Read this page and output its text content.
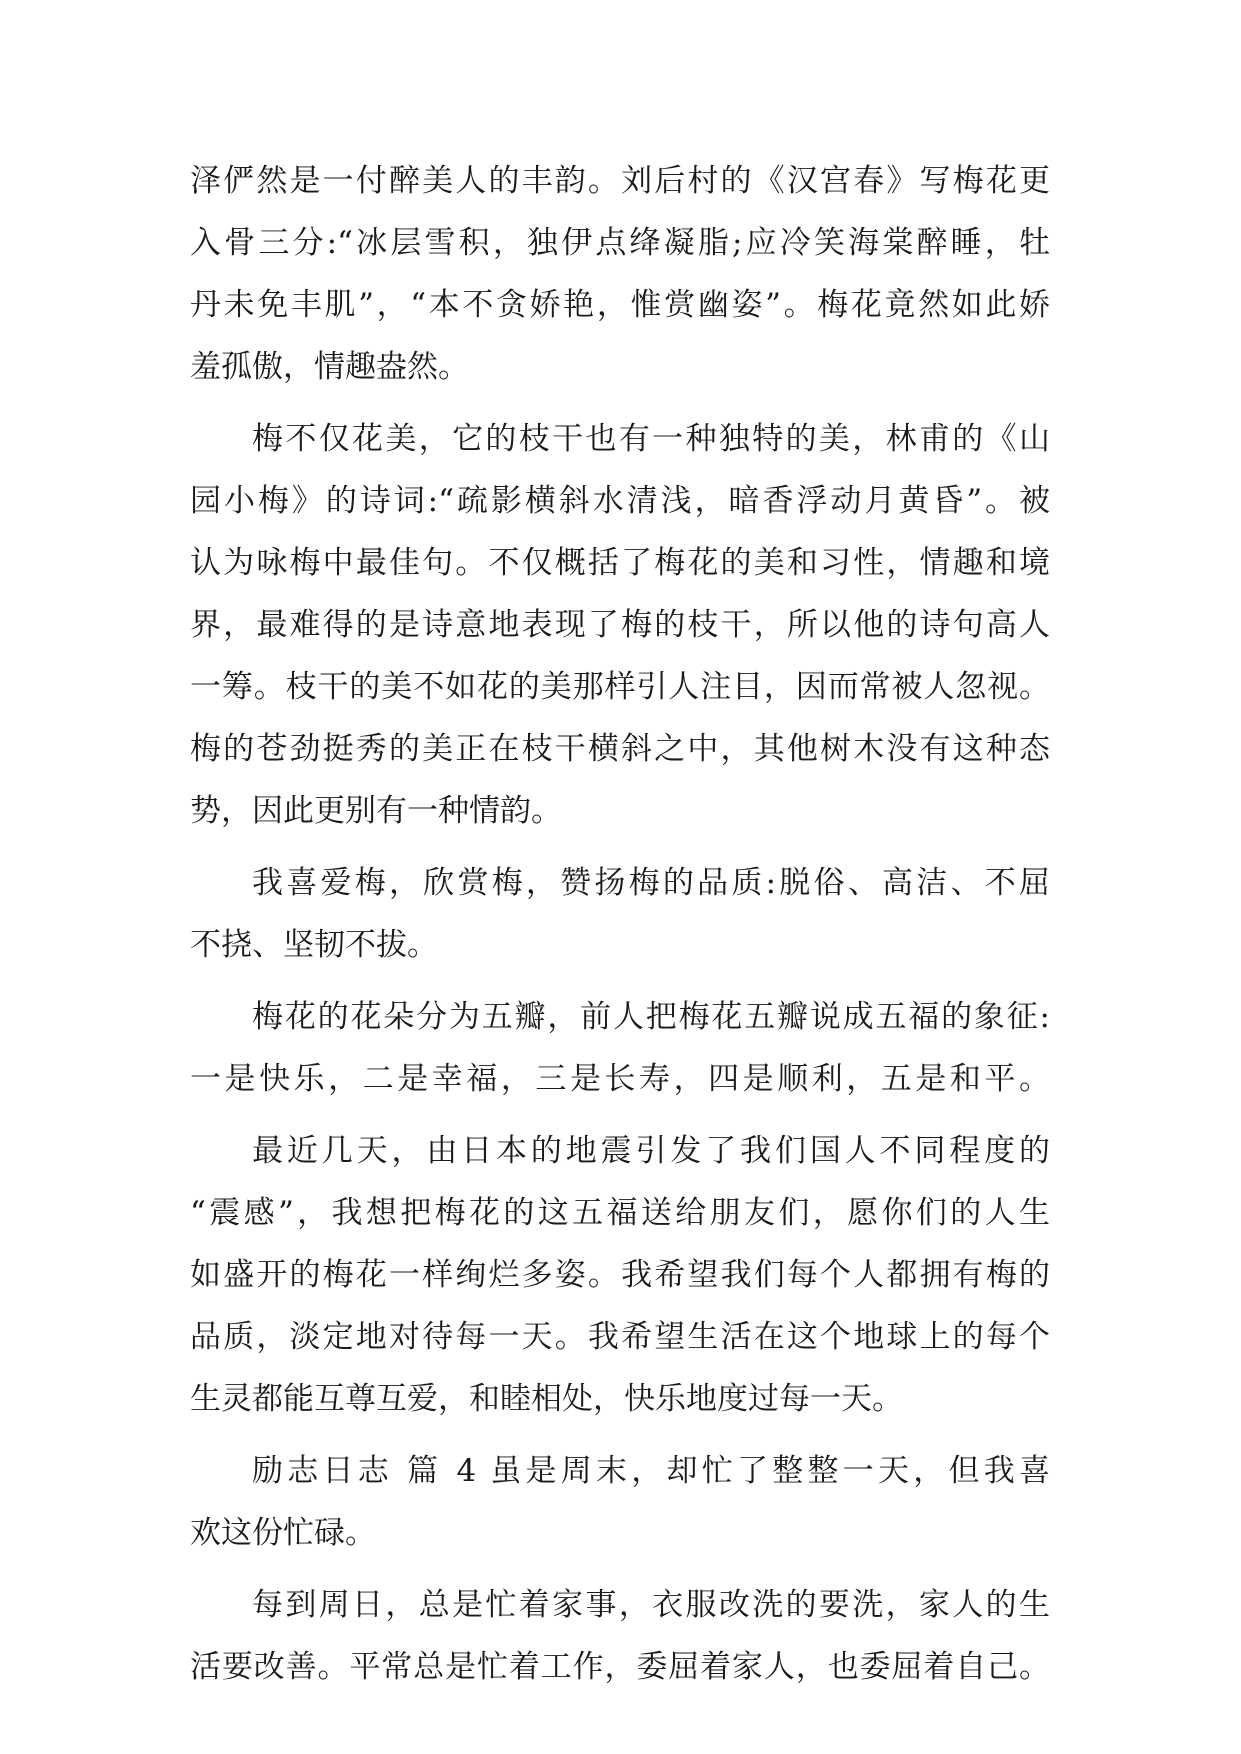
泽俨然是一付醉美人的丰韵。刘后村的《汉宫春》写梅花更
入骨三分:“冰层雪积，独伊点绛凝脂;应冷笑海棠醉睡，牡
丹未免丰肌”，“本不贪娇艳，惟赏幽姿”。梅花竟然如此娇
羞孤傲，情趣盎然。
梅不仅花美，它的枝干也有一种独特的美，林甫的《山
园小梅》的诗词:“疏影横斜水清浅，暗香浮动月黄昏”。被
认为咏梅中最佳句。不仅概括了梅花的美和习性，情趣和境
界，最难得的是诗意地表现了梅的枝干，所以他的诗句高人
一筹。枝干的美不如花的美那样引人注目，因而常被人忽视。
梅的苍劲挺秀的美正在枝干横斜之中，其他树木没有这种态
势，因此更别有一种情韵。
我喜爱梅，欣赏梅，赞扬梅的品质:脱俗、高洁、不屈
不挠、坚韧不拔。
梅花的花朵分为五瓣，前人把梅花五瓣说成五福的象征:
一是快乐，二是幸福，三是长寿，四是顺利，五是和平。
最近几天，由日本的地震引发了我们国人不同程度的
“震感”，我想把梅花的这五福送给朋友们，愿你们的人生
如盛开的梅花一样绚烂多姿。我希望我们每个人都拥有梅的
品质，淡定地对待每一天。我希望生活在这个地球上的每个
生灵都能互尊互爱，和睦相处，快乐地度过每一天。
励志日志 篇 4 虽是周末，却忙了整整一天，但我喜
欢这份忙碌。
每到周日，总是忙着家事，衣服改洗的要洗，家人的生
活要改善。平常总是忙着工作，委屈着家人，也委屈着自己。
